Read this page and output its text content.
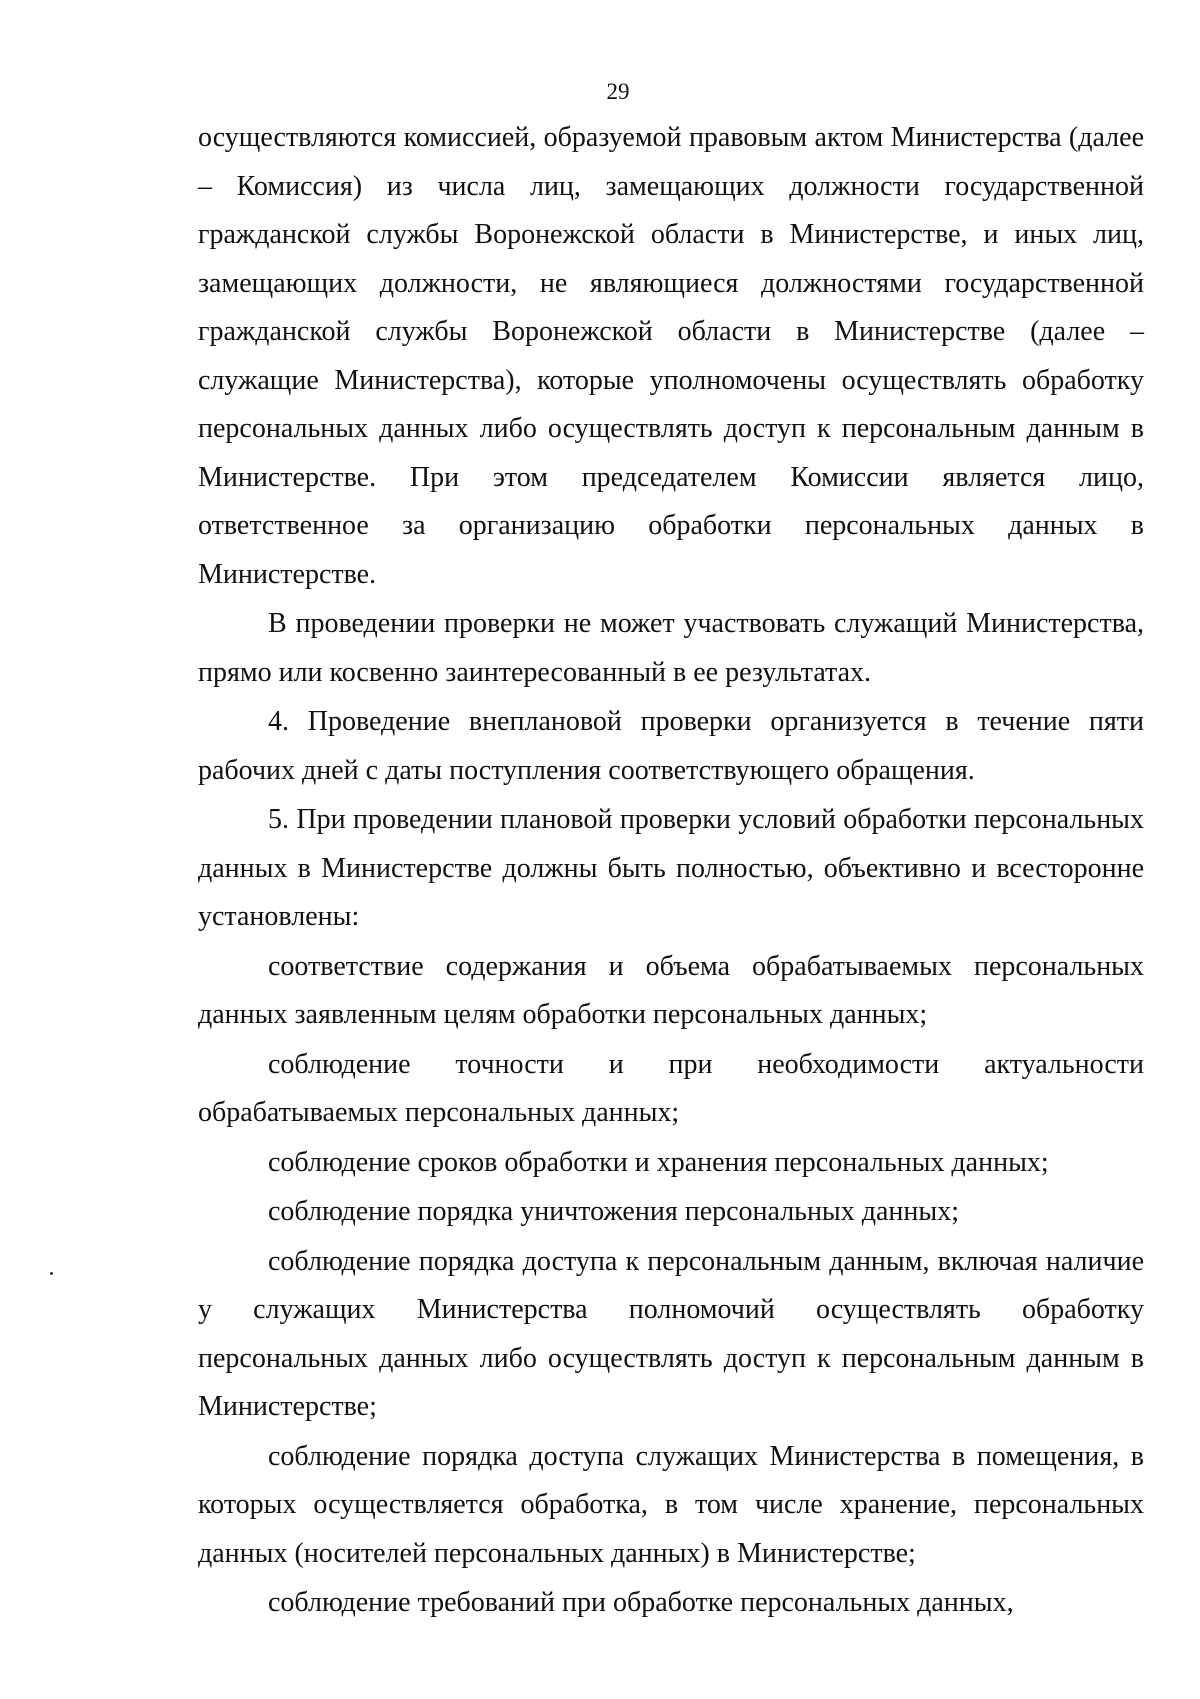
29

осуществляются комиссией, образуемой правовым актом Министерства (далее – Комиссия) из числа лиц, замещающих должности государственной гражданской службы Воронежской области в Министерстве, и иных лиц, замещающих должности, не являющиеся должностями государственной гражданской службы Воронежской области в Министерстве (далее – служащие Министерства), которые уполномочены осуществлять обработку персональных данных либо осуществлять доступ к персональным данным в Министерстве. При этом председателем Комиссии является лицо, ответственное за организацию обработки персональных данных в Министерстве.

В проведении проверки не может участвовать служащий Министерства, прямо или косвенно заинтересованный в ее результатах.

4. Проведение внеплановой проверки организуется в течение пяти рабочих дней с даты поступления соответствующего обращения.

5. При проведении плановой проверки условий обработки персональных данных в Министерстве должны быть полностью, объективно и всесторонне установлены:

соответствие содержания и объема обрабатываемых персональных данных заявленным целям обработки персональных данных;

соблюдение точности и при необходимости актуальности обрабатываемых персональных данных;

соблюдение сроков обработки и хранения персональных данных;

соблюдение порядка уничтожения персональных данных;

соблюдение порядка доступа к персональным данным, включая наличие у служащих Министерства полномочий осуществлять обработку персональных данных либо осуществлять доступ к персональным данным в Министерстве;

соблюдение порядка доступа служащих Министерства в помещения, в которых осуществляется обработка, в том числе хранение, персональных данных (носителей персональных данных) в Министерстве;

соблюдение требований при обработке персональных данных,
